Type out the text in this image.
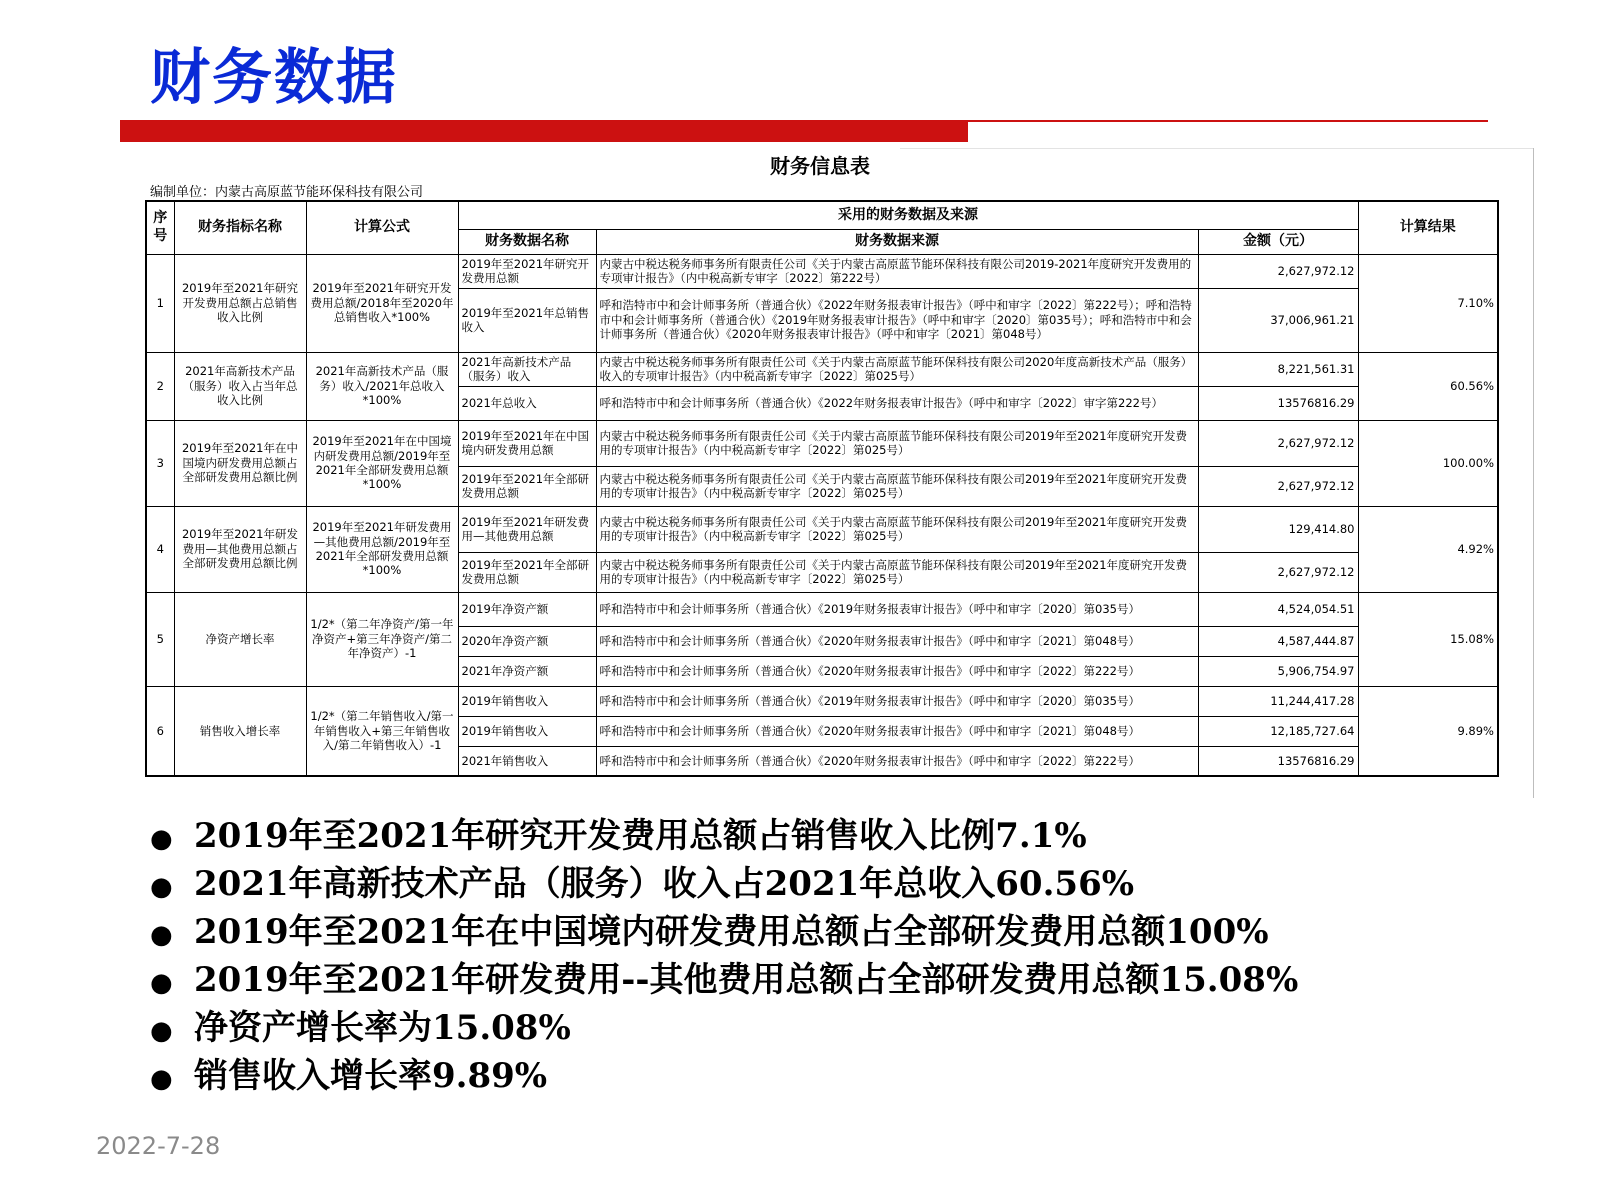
财务数据
财务信息表
编制单位：内蒙古高原蓝节能环保科技有限公司
序号	财务指标名称	计算公式	采用的财务数据及来源			计算结果
			财务数据名称	财务数据来源	金额（元）	
1	2019年至2021年研究开发费用总额占总销售收入比例	2019年至2021年研究开发费用总额/2018年至2020年总销售收入*100%	2019年至2021年研究开发费用总额	内蒙古中税达税务师事务所有限责任公司《关于内蒙古高原蓝节能环保科技有限公司2019-2021年度研究开发费用的专项审计报告》（内中税高新专审字〔2022〕第222号）	2,627,972.12	7.10%
			2019年至2021年总销售收入	呼和浩特市中和会计师事务所（普通合伙）《2022年财务报表审计报告》（呼中和审字〔2022〕第222号）；呼和浩特市中和会计师事务所（普通合伙）《2019年财务报表审计报告》（呼中和审字〔2020〕第035号）；呼和浩特市中和会计师事务所（普通合伙）《2020年财务报表审计报告》（呼中和审字〔2021〕第048号）	37,006,961.21	
2	2021年高新技术产品（服务）收入占当年总收入比例	2021年高新技术产品（服务）收入/2021年总收入*100%	2021年高新技术产品（服务）收入	内蒙古中税达税务师事务所有限责任公司《关于内蒙古高原蓝节能环保科技有限公司2020年度高新技术产品（服务）收入的专项审计报告》（内中税高新专审字〔2022〕第025号）	8,221,561.31	60.56%
			2021年总收入	呼和浩特市中和会计师事务所（普通合伙）《2022年财务报表审计报告》（呼中和审字〔2022〕审字第222号）	13576816.29	
3	2019年至2021年在中国境内研发费用总额占全部研发费用总额比例	2019年至2021年在中国境内研发费用总额/2019年至2021年全部研发费用总额*100%	2019年至2021年在中国境内研发费用总额	内蒙古中税达税务师事务所有限责任公司《关于内蒙古高原蓝节能环保科技有限公司2019年至2021年度研究开发费用的专项审计报告》（内中税高新专审字〔2022〕第025号）	2,627,972.12	100.00%
			2019年至2021年全部研发费用总额	内蒙古中税达税务师事务所有限责任公司《关于内蒙古高原蓝节能环保科技有限公司2019年至2021年度研究开发费用的专项审计报告》（内中税高新专审字〔2022〕第025号）	2,627,972.12	
4	2019年至2021年研发费用—其他费用总额占全部研发费用总额比例	2019年至2021年研发费用—其他费用总额/2019年至2021年全部研发费用总额*100%	2019年至2021年研发费用—其他费用总额	内蒙古中税达税务师事务所有限责任公司《关于内蒙古高原蓝节能环保科技有限公司2019年至2021年度研究开发费用的专项审计报告》（内中税高新专审字〔2022〕第025号）	129,414.80	4.92%
			2019年至2021年全部研发费用总额	内蒙古中税达税务师事务所有限责任公司《关于内蒙古高原蓝节能环保科技有限公司2019年至2021年度研究开发费用的专项审计报告》（内中税高新专审字〔2022〕第025号）	2,627,972.12	
5	净资产增长率	1/2*（第二年净资产/第一年净资产+第三年净资产/第二年净资产）-1	2019年净资产额	呼和浩特市中和会计师事务所（普通合伙）《2019年财务报表审计报告》（呼中和审字〔2020〕第035号）	4,524,054.51	15.08%
			2020年净资产额	呼和浩特市中和会计师事务所（普通合伙）《2020年财务报表审计报告》（呼中和审字〔2021〕第048号）	4,587,444.87	
			2021年净资产额	呼和浩特市中和会计师事务所（普通合伙）《2020年财务报表审计报告》（呼中和审字〔2022〕第222号）	5,906,754.97	
6	销售收入增长率	1/2*（第二年销售收入/第一年销售收入+第三年销售收入/第二年销售收入）-1	2019年销售收入	呼和浩特市中和会计师事务所（普通合伙）《2019年财务报表审计报告》（呼中和审字〔2020〕第035号）	11,244,417.28	9.89%
			2019年销售收入	呼和浩特市中和会计师事务所（普通合伙）《2020年财务报表审计报告》（呼中和审字〔2021〕第048号）	12,185,727.64	
			2021年销售收入	呼和浩特市中和会计师事务所（普通合伙）《2020年财务报表审计报告》（呼中和审字〔2022〕第222号）	13576816.29	
● 2019年至2021年研究开发费用总额占销售收入比例7.1%
● 2021年高新技术产品（服务）收入占2021年总收入60.56%
● 2019年至2021年在中国境内研发费用总额占全部研发费用总额100%
● 2019年至2021年研发费用--其他费用总额占全部研发费用总额15.08%
● 净资产增长率为15.08%
● 销售收入增长率9.89%
2022-7-28
